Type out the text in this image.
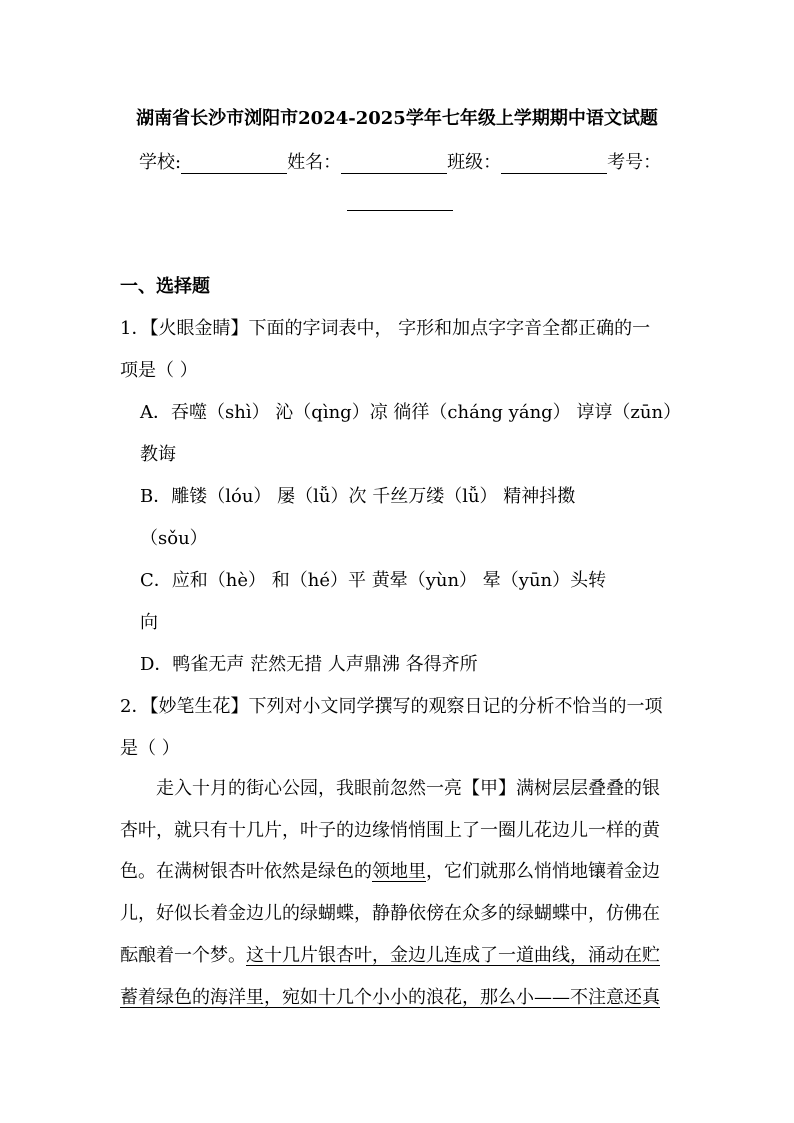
湖南省长沙市浏阳市2024-2025学年七年级上学期期中语文试题
学校:	姓名：	班级：	考号：
一、选择题
1．【火眼金睛】下面的字词表中， 字形和加点字字音全都正确的一
项是（ ）
A．吞噬（shì） 沁（qìng）凉 徜徉（cháng yáng） 谆谆（zūn）
教诲
B．雕镂（lóu） 屡（lǚ）次 千丝万缕（lǚ） 精神抖擞
（sǒu）
C．应和（hè） 和（hé）平 黄晕（yùn） 晕（yūn）头转
向
D．鸭雀无声 茫然无措 人声鼎沸 各得齐所
2．【妙笔生花】下列对小文同学撰写的观察日记的分析不恰当的一项
是（ ）
走入十月的街心公园，我眼前忽然一亮【甲】满树层层叠叠的银
杏叶，就只有十几片，叶子的边缘悄悄围上了一圈儿花边儿一样的黄
色。在满树银杏叶依然是绿色的领地里，它们就那么悄悄地镶着金边
儿，好似长着金边儿的绿蝴蝶，静静依傍在众多的绿蝴蝶中，仿佛在
酝酿着一个梦。这十几片银杏叶，金边儿连成了一道曲线，涌动在贮
蓄着绿色的海洋里，宛如十几个小小的浪花，那么小——不注意还真
